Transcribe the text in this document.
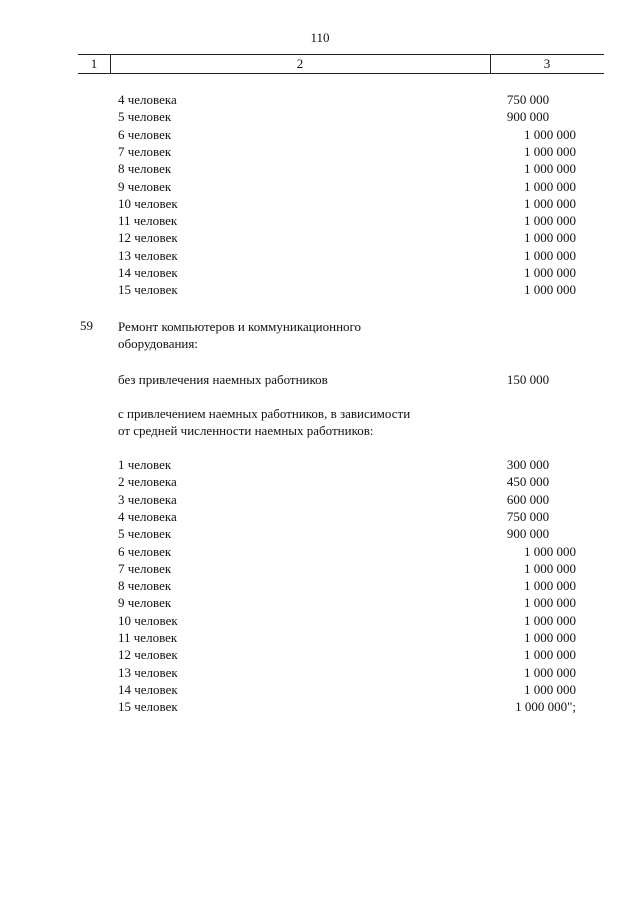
110
1	2	3
4 человека	750 000
5 человек	900 000
6 человек	1 000 000
7 человек	1 000 000
8 человек	1 000 000
9 человек	1 000 000
10 человек	1 000 000
11 человек	1 000 000
12 человек	1 000 000
13 человек	1 000 000
14 человек	1 000 000
15 человек	1 000 000
59 Ремонт компьютеров и коммуникационного
оборудования:
без привлечения наемных работников	150 000
с привлечением наемных работников, в зависимости
от средней численности наемных работников:
1 человек	300 000
2 человека	450 000
3 человека	600 000
4 человека	750 000
5 человек	900 000
6 человек	1 000 000
7 человек	1 000 000
8 человек	1 000 000
9 человек	1 000 000
10 человек	1 000 000
11 человек	1 000 000
12 человек	1 000 000
13 человек	1 000 000
14 человек	1 000 000
15 человек	1 000 000";
